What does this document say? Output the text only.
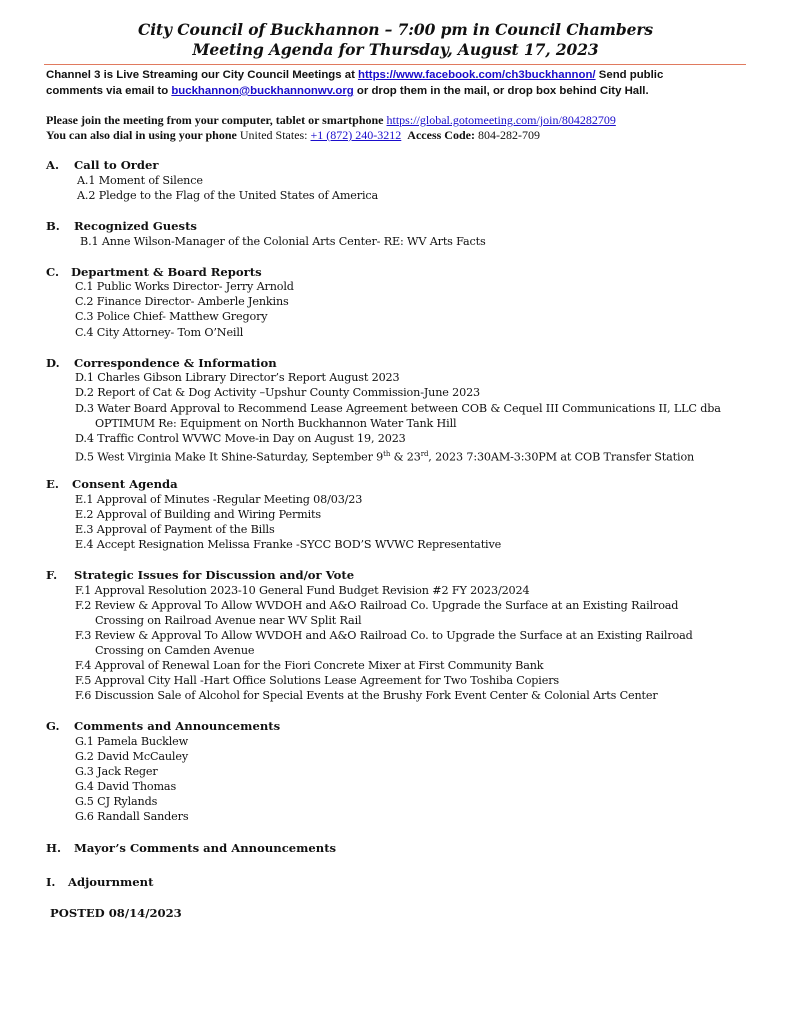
City Council of Buckhannon – 7:00 pm in Council Chambers
Meeting Agenda for Thursday, August 17, 2023
Channel 3 is Live Streaming our City Council Meetings at https://www.facebook.com/ch3buckhannon/ Send public
comments via email to buckhannon@buckhannonwv.org or drop them in the mail, or drop box behind City Hall.
Please join the meeting from your computer, tablet or smartphone https://global.gotomeeting.com/join/804282709
You can also dial in using your phone United States: +1 (872) 240-3212 Access Code: 804-282-709
A. Call to Order
A.1 Moment of Silence
A.2 Pledge to the Flag of the United States of America
B. Recognized Guests
B.1 Anne Wilson-Manager of the Colonial Arts Center- RE: WV Arts Facts
C. Department & Board Reports
C.1 Public Works Director- Jerry Arnold
C.2 Finance Director- Amberle Jenkins
C.3 Police Chief- Matthew Gregory
C.4 City Attorney- Tom O’Neill
D. Correspondence & Information
D.1 Charles Gibson Library Director’s Report August 2023
D.2 Report of Cat & Dog Activity –Upshur County Commission-June 2023
D.3 Water Board Approval to Recommend Lease Agreement between COB & Cequel III Communications II, LLC dba
OPTIMUM Re: Equipment on North Buckhannon Water Tank Hill
D.4 Traffic Control WVWC Move-in Day on August 19, 2023
D.5 West Virginia Make It Shine-Saturday, September 9th & 23rd, 2023 7:30AM-3:30PM at COB Transfer Station
E. Consent Agenda
E.1 Approval of Minutes -Regular Meeting 08/03/23
E.2 Approval of Building and Wiring Permits
E.3 Approval of Payment of the Bills
E.4 Accept Resignation Melissa Franke -SYCC BOD’S WVWC Representative
F. Strategic Issues for Discussion and/or Vote
F.1 Approval Resolution 2023-10 General Fund Budget Revision #2 FY 2023/2024
F.2 Review & Approval To Allow WVDOH and A&O Railroad Co. Upgrade the Surface at an Existing Railroad
Crossing on Railroad Avenue near WV Split Rail
F.3 Review & Approval To Allow WVDOH and A&O Railroad Co. to Upgrade the Surface at an Existing Railroad
Crossing on Camden Avenue
F.4 Approval of Renewal Loan for the Fiori Concrete Mixer at First Community Bank
F.5 Approval City Hall -Hart Office Solutions Lease Agreement for Two Toshiba Copiers
F.6 Discussion Sale of Alcohol for Special Events at the Brushy Fork Event Center & Colonial Arts Center
G. Comments and Announcements
G.1 Pamela Bucklew
G.2 David McCauley
G.3 Jack Reger
G.4 David Thomas
G.5 CJ Rylands
G.6 Randall Sanders
H. Mayor’s Comments and Announcements
I. Adjournment
POSTED 08/14/2023
